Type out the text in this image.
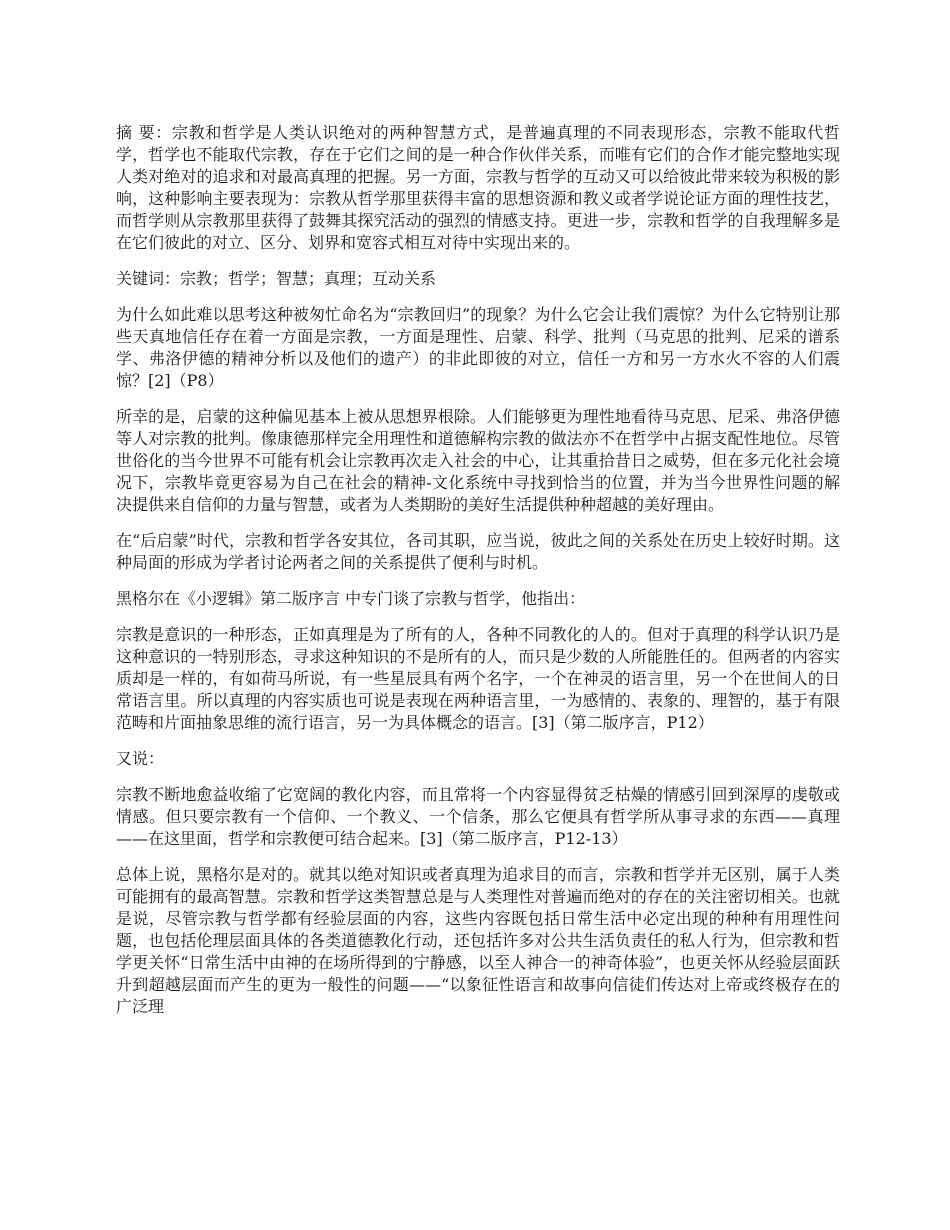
摘 要：宗教和哲学是人类认识绝对的两种智慧方式，是普遍真理的不同表现形态，宗教不能取代哲学，哲学也不能取代宗教，存在于它们之间的是一种合作伙伴关系，而唯有它们的合作才能完整地实现人类对绝对的追求和对最高真理的把握。另一方面，宗教与哲学的互动又可以给彼此带来较为积极的影响，这种影响主要表现为：宗教从哲学那里获得丰富的思想资源和教义或者学说论证方面的理性技艺，而哲学则从宗教那里获得了鼓舞其探究活动的强烈的情感支持。更进一步，宗教和哲学的自我理解多是在它们彼此的对立、区分、划界和宽容式相互对待中实现出来的。

关键词：宗教；哲学；智慧；真理；互动关系

为什么如此难以思考这种被匆忙命名为“宗教回归”的现象？为什么它会让我们震惊？为什么它特别让那些天真地信任存在着一方面是宗教，一方面是理性、启蒙、科学、批判（马克思的批判、尼采的谱系学、弗洛伊德的精神分析以及他们的遗产）的非此即彼的对立，信任一方和另一方水火不容的人们震惊？[2]（P8）

所幸的是，启蒙的这种偏见基本上被从思想界根除。人们能够更为理性地看待马克思、尼采、弗洛伊德等人对宗教的批判。像康德那样完全用理性和道德解构宗教的做法亦不在哲学中占据支配性地位。尽管世俗化的当今世界不可能有机会让宗教再次走入社会的中心，让其重拾昔日之威势，但在多元化社会境况下，宗教毕竟更容易为自己在社会的精神-文化系统中寻找到恰当的位置，并为当今世界性问题的解决提供来自信仰的力量与智慧，或者为人类期盼的美好生活提供种种超越的美好理由。

在“后启蒙”时代，宗教和哲学各安其位，各司其职，应当说，彼此之间的关系处在历史上较好时期。这种局面的形成为学者讨论两者之间的关系提供了便利与时机。

黑格尔在《小逻辑》第二版序言 中专门谈了宗教与哲学，他指出：

宗教是意识的一种形态，正如真理是为了所有的人，各种不同教化的人的。但对于真理的科学认识乃是这种意识的一特别形态，寻求这种知识的不是所有的人，而只是少数的人所能胜任的。但两者的内容实质却是一样的，有如荷马所说，有一些星辰具有两个名字，一个在神灵的语言里，另一个在世间人的日常语言里。所以真理的内容实质也可说是表现在两种语言里，一为感情的、表象的、理智的，基于有限范畴和片面抽象思维的流行语言，另一为具体概念的语言。[3]（第二版序言，P12）

又说：

宗教不断地愈益收缩了它宽阔的教化内容，而且常将一个内容显得贫乏枯燥的情感引回到深厚的虔敬或情感。但只要宗教有一个信仰、一个教义、一个信条，那么它便具有哲学所从事寻求的东西——真理——在这里面，哲学和宗教便可结合起来。[3]（第二版序言，P12-13）

总体上说，黑格尔是对的。就其以绝对知识或者真理为追求目的而言，宗教和哲学并无区别，属于人类可能拥有的最高智慧。宗教和哲学这类智慧总是与人类理性对普遍而绝对的存在的关注密切相关。也就是说，尽管宗教与哲学都有经验层面的内容，这些内容既包括日常生活中必定出现的种种有用理性问题，也包括伦理层面具体的各类道德教化行动，还包括许多对公共生活负责任的私人行为，但宗教和哲学更关怀“日常生活中由神的在场所得到的宁静感，以至人神合一的神奇体验”，也更关怀从经验层面跃升到超越层面而产生的更为一般性的问题——“以象征性语言和故事向信徒们传达对上帝或终极存在的广泛理
